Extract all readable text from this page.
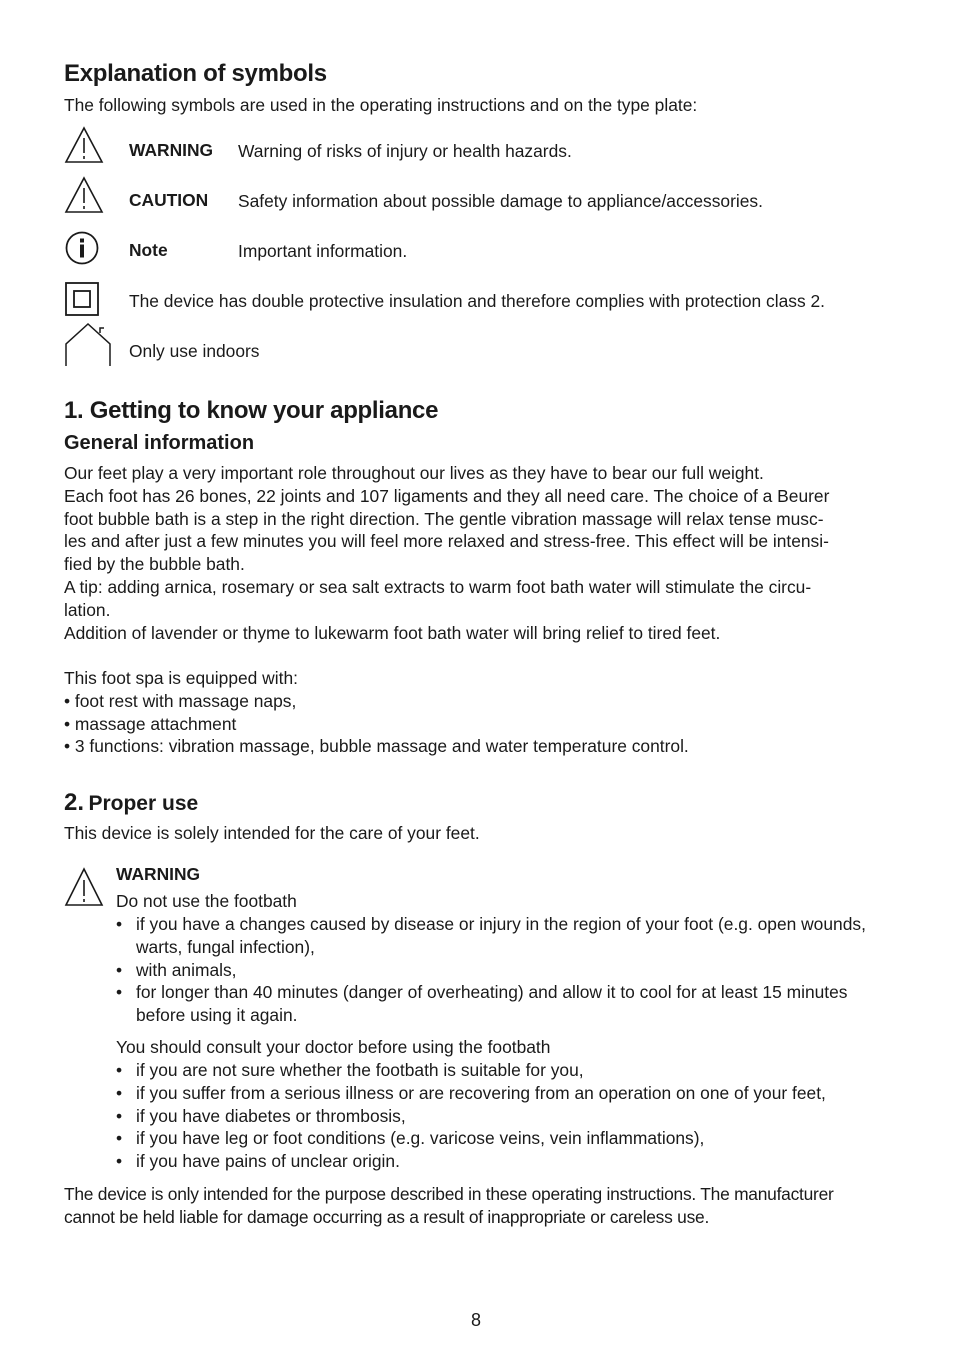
Explanation of symbols
The following symbols are used in the operating instructions and on the type plate:
WARNING Warning of risks of injury or health hazards.
CAUTION Safety information about possible damage to appliance/accessories.
Note	Important information.
The device has double protective insulation and therefore complies with protection class 2.
Only use indoors
1. Getting to know your appliance
General information
Our feet play a very important role throughout our lives as they have to bear our full weight.
Each foot has 26 bones, 22 joints and 107 ligaments and they all need care. The choice of a Beurer
foot bubble bath is a step in the right direction. The gentle vibration massage will relax tense musc-
les and after just a few minutes you will feel more relaxed and stress-free. This effect will be intensi-
fied by the bubble bath.
A tip: adding arnica, rosemary or sea salt extracts to warm foot bath water will stimulate the circu-
lation.
Addition of lavender or thyme to lukewarm foot bath water will bring relief to tired feet.
This foot spa is equipped with:
• foot rest with massage naps,
• massage attachment
• 3 functions: vibration massage, bubble massage and water temperature control.
2. Proper use
This device is solely intended for the care of your feet.
WARNING
Do not use the footbath
• if you have a changes caused by disease or injury in the region of your foot (e.g. open wounds,
warts, fungal infection),
• with animals,
• for longer than 40 minutes (danger of overheating) and allow it to cool for at least 15 minutes
before using it again.
You should consult your doctor before using the footbath
• if you are not sure whether the footbath is suitable for you,
• if you suffer from a serious illness or are recovering from an operation on one of your feet,
• if you have diabetes or thrombosis,
• if you have leg or foot conditions (e.g. varicose veins, vein inflammations),
• if you have pains of unclear origin.
The device is only intended for the purpose described in these operating instructions. The manufacturer
cannot be held liable for damage occurring as a result of inappropriate or careless use.
8
